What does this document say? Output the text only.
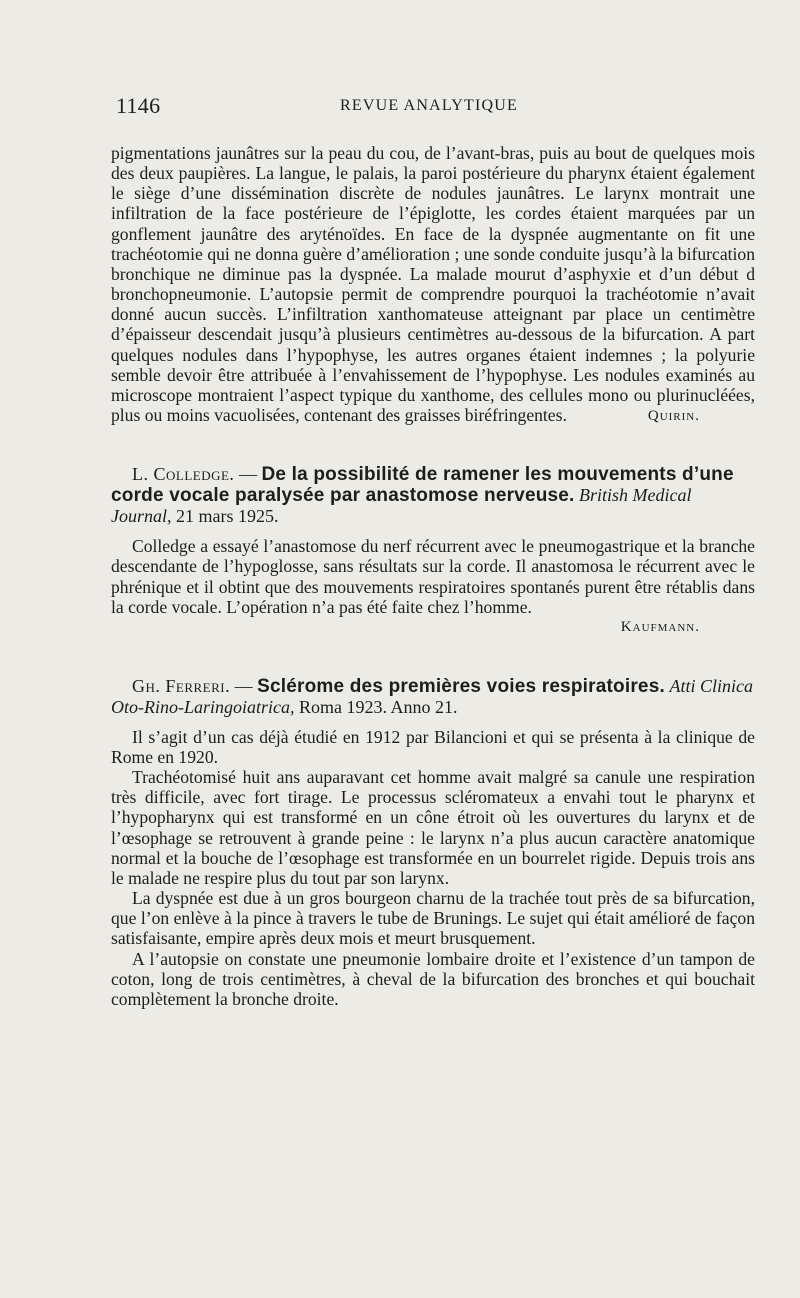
1146	REVUE ANALYTIQUE

pigmentations jaunâtres sur la peau du cou, de l’avant-bras, puis au bout de quelques mois des deux paupières. La langue, le palais, la paroi postérieure du pharynx étaient également le siège d’une dissémination discrète de nodules jaunâtres. Le larynx montrait une infiltration de la face postérieure de l’épiglotte, les cordes étaient marquées par un gonflement jaunâtre des aryténoïdes. En face de la dyspnée augmentante on fit une trachéotomie qui ne donna guère d’amélioration ; une sonde conduite jusqu’à la bifurcation bronchique ne diminue pas la dyspnée. La malade mourut d’asphyxie et d’un début d bronchopneumonie. L’autopsie permit de comprendre pourquoi la trachéotomie n’avait donné aucun succès. L’infiltration xanthomateuse atteignant par place un centimètre d’épaisseur descendait jusqu’à plusieurs centimètres au-dessous de la bifurcation. A part quelques nodules dans l’hypophyse, les autres organes étaient indemnes ; la polyurie semble devoir être attribuée à l’envahissement de l’hypophyse. Les nodules examinés au microscope montraient l’aspect typique du xanthome, des cellules mono ou plurinucléées, plus ou moins vacuolisées, contenant des graisses biréfringentes.	Quirin.

L. Colledge. — De la possibilité de ramener les mouvements d’une corde vocale paralysée par anastomose nerveuse. British Medical Journal, 21 mars 1925.

Colledge a essayé l’anastomose du nerf récurrent avec le pneumogastrique et la branche descendante de l’hypoglosse, sans résultats sur la corde. Il anastomosa le récurrent avec le phrénique et il obtint que des mouvements respiratoires spontanés purent être rétablis dans la corde vocale. L’opération n’a pas été faite chez l’homme.

Kaufmann.

Gh. Ferreri. — Sclérome des premières voies respiratoires. Atti Clinica Oto-Rino-Laringoiatrica, Roma 1923. Anno 21.

Il s’agit d’un cas déjà étudié en 1912 par Bilancioni et qui se présenta à la clinique de Rome en 1920.

Trachéotomisé huit ans auparavant cet homme avait malgré sa canule une respiration très difficile, avec fort tirage. Le processus scléromateux a envahi tout le pharynx et l’hypopharynx qui est transformé en un cône étroit où les ouvertures du larynx et de l’œsophage se retrouvent à grande peine : le larynx n’a plus aucun caractère anatomique normal et la bouche de l’œsophage est transformée en un bourrelet rigide. Depuis trois ans le malade ne respire plus du tout par son larynx.

La dyspnée est due à un gros bourgeon charnu de la trachée tout près de sa bifurcation, que l’on enlève à la pince à travers le tube de Brunings. Le sujet qui était amélioré de façon satisfaisante, empire après deux mois et meurt brusquement.

A l’autopsie on constate une pneumonie lombaire droite et l’existence d’un tampon de coton, long de trois centimètres, à cheval de la bifurcation des bronches et qui bouchait complètement la bronche droite.
